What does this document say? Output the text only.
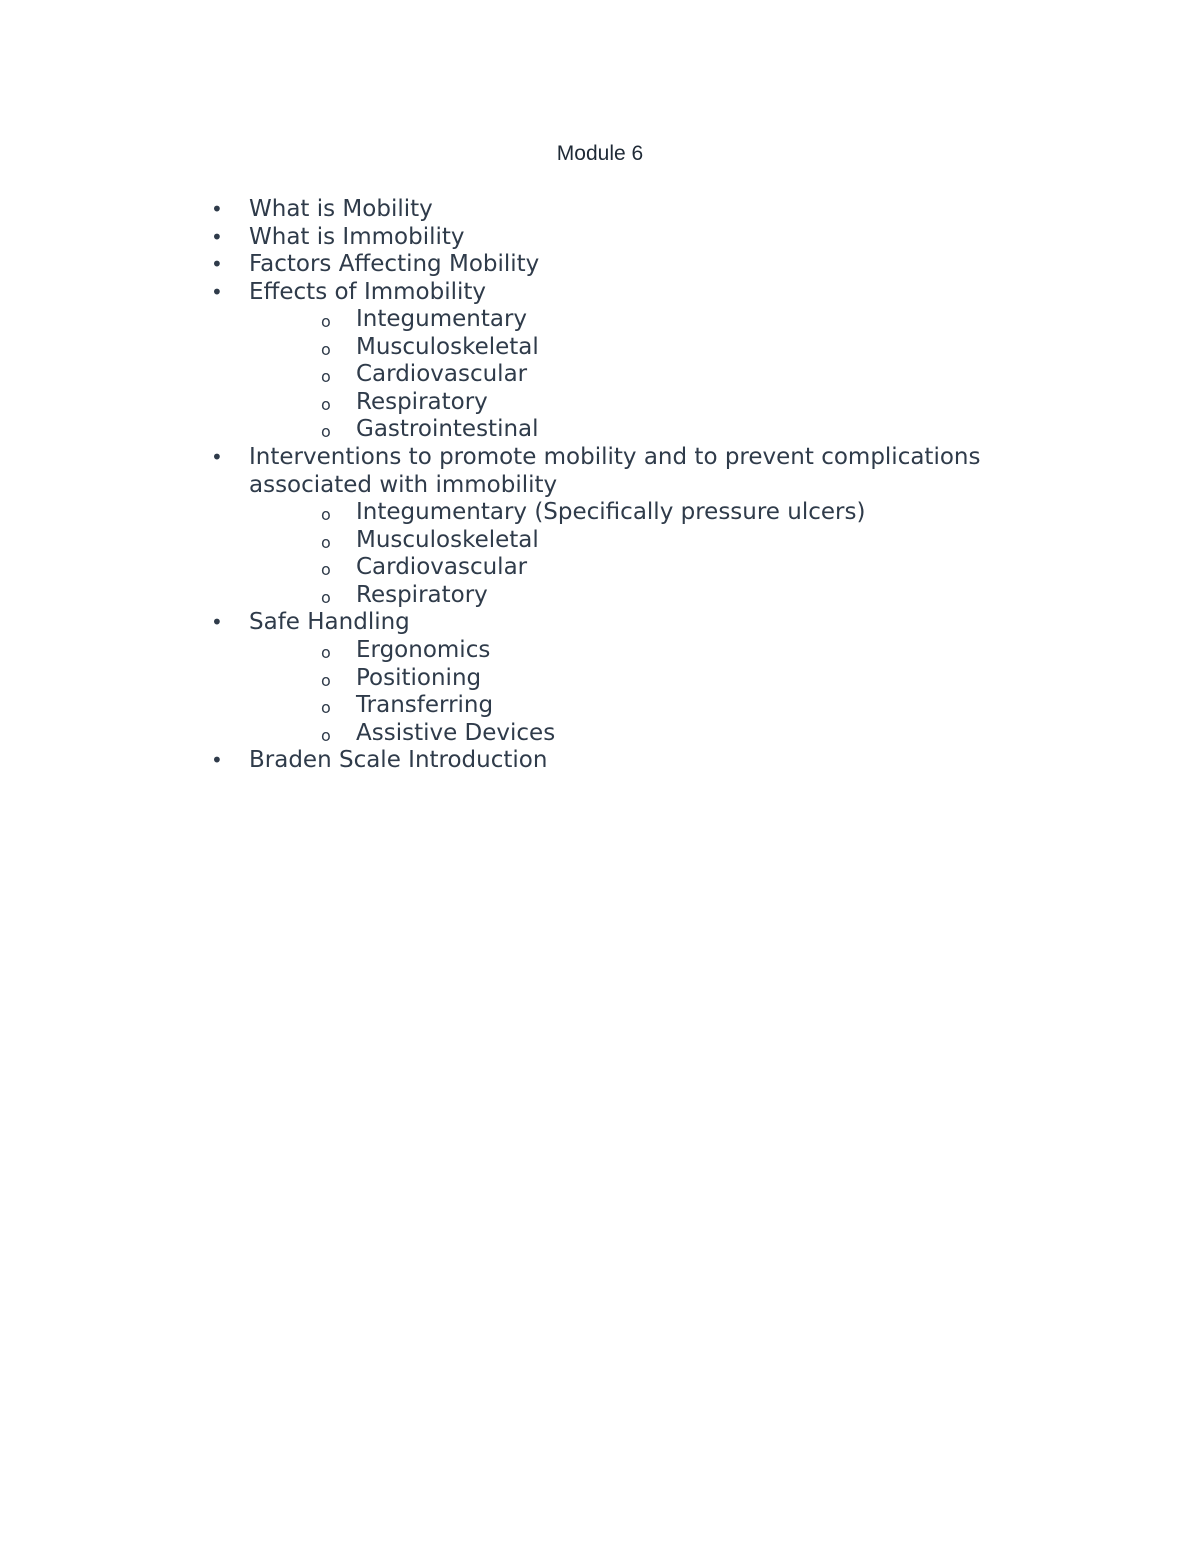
Module 6
• What is Mobility
• What is Immobility
• Factors Affecting Mobility
• Effects of Immobility
o Integumentary
o Musculoskeletal
o Cardiovascular
o Respiratory
o Gastrointestinal
• Interventions to promote mobility and to prevent complications associated with immobility
o Integumentary (Specifically pressure ulcers)
o Musculoskeletal
o Cardiovascular
o Respiratory
• Safe Handling
o Ergonomics
o Positioning
o Transferring
o Assistive Devices
• Braden Scale Introduction
